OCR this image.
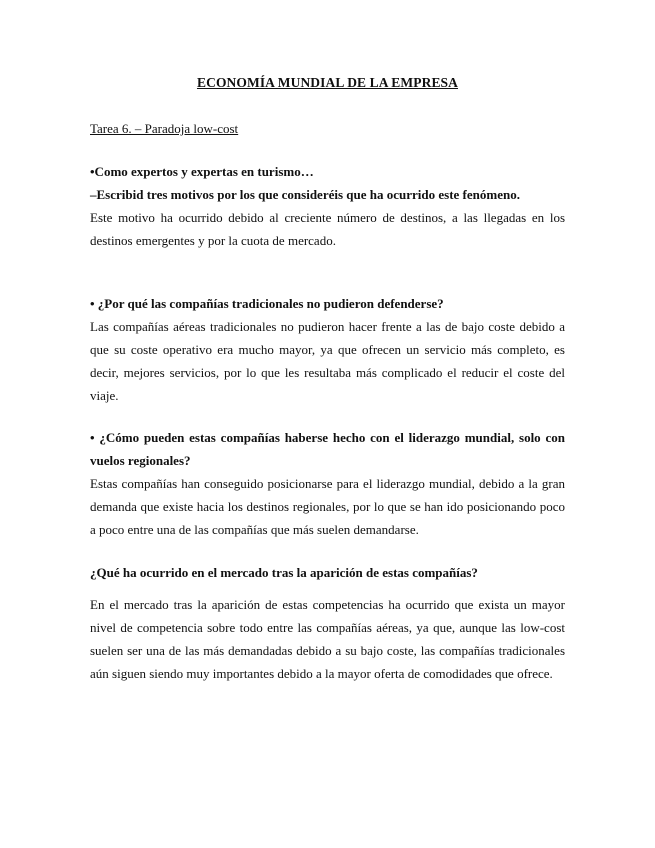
ECONOMÍA MUNDIAL DE LA EMPRESA
Tarea 6. – Paradoja low-cost

•Como expertos y expertas en turismo…

–Escribid tres motivos por los que consideréis que ha ocurrido este fenómeno.

Este motivo ha ocurrido debido al creciente número de destinos, a las llegadas en los destinos emergentes y por la cuota de mercado.

• ¿Por qué las compañías tradicionales no pudieron defenderse?

Las compañías aéreas tradicionales no pudieron hacer frente a las de bajo coste debido a que su coste operativo era mucho mayor, ya que ofrecen un servicio más completo, es decir, mejores servicios, por lo que les resultaba más complicado el reducir el coste del viaje.

• ¿Cómo pueden estas compañías haberse hecho con el liderazgo mundial, solo con vuelos regionales?

Estas compañías han conseguido posicionarse para el liderazgo mundial, debido a la gran demanda que existe hacia los destinos regionales, por lo que se han ido posicionando poco a poco entre una de las compañías que más suelen demandarse.

¿Qué ha ocurrido en el mercado tras la aparición de estas compañías?

En el mercado tras la aparición de estas competencias ha ocurrido que exista un mayor nivel de competencia sobre todo entre las compañías aéreas, ya que, aunque las low-cost suelen ser una de las más demandadas debido a su bajo coste, las compañías tradicionales aún siguen siendo muy importantes debido a la mayor oferta de comodidades que ofrece.
